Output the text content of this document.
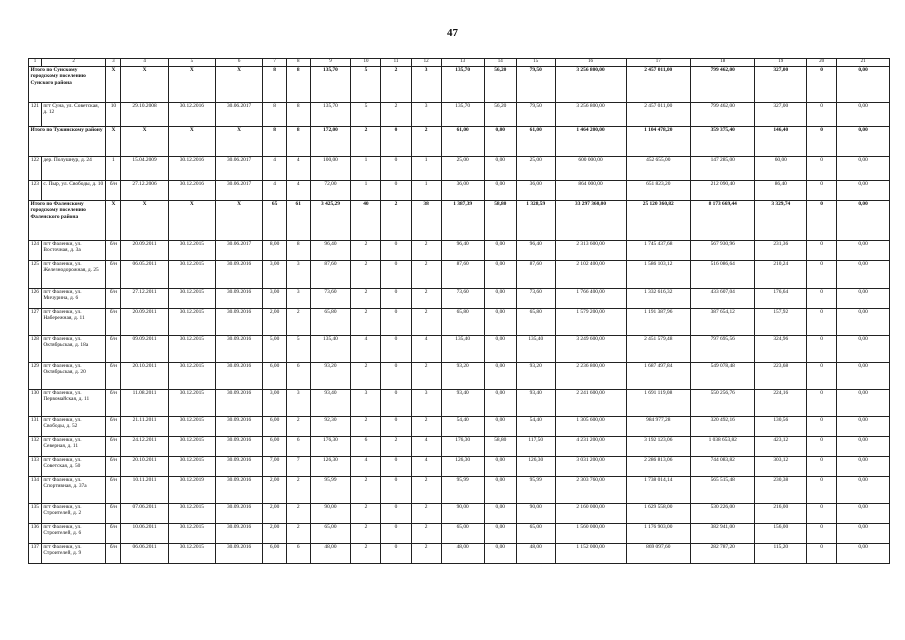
47
1	2	3	4	5	6	7	8	9	10	11	12	13	14	15	16	17	18	19	20	21
Итого по Сунскому городскому поселению Сунского района		X	X	X	X	8	8	135,70	5	2	3	135,70	56,20	79,50	3 256 800,00	2 457 011,00	799 462,00	327,00	0	0,00
121	пгт Суна, ул. Советская, д. 12	10	29.10.2008	30.12.2016	30.06.2017	8	8	135,70	5	2	3	135,70	56,20	79,50	3 256 800,00	2 457 011,00	799 462,00	327,00	0	0,00
Итого по Тужинскому району		X	X	X	X	8	8	172,00	2	0	2	61,00	0,00	61,00	1 464 200,00	1 104 478,20	359 375,40	146,40	0	0,00
122	дер. Полушнур, д. 24	1	15.04.2009	30.12.2016	30.06.2017	4	4	100,00	1	0	1	25,00	0,00	25,00	600 000,00	452 655,00	147 285,00	60,00	0	0,00
123	с. Пыр, ул. Свободы, д. 10	б/н	27.12.2006	30.12.2016	30.06.2017	4	4	72,00	1	0	1	36,00	0,00	36,00	864 000,00	651 823,20	212 090,40	86,40	0	0,00
Итого по Фаленскому городскому поселению Фаленского района		X	X	X	X	65	61	3 425,29	40	2	38	1 387,39	58,80	1 328,59	33 297 360,00	25 120 360,82	8 173 669,44	3 329,74	0	0,00
124	пгт Фаленки, ул. Восточная, д. 3а	б/н	20.09.2011	30.12.2015	30.06.2017	8,00	8	96,40	2	0	2	96,40	0,00	96,40	2 313 600,00	1 745 437,68	567 930,96	231,36	0	0,00
125	пгт Фаленки, ул. Железнодорожная, д. 25	б/н	06.05.2011	30.12.2015	30.09.2016	3,00	3	87,60	2	0	2	87,60	0,00	87,60	2 102 400,00	1 586 103,12	516 086,64	210,24	0	0,00
126	пгт Фаленки, ул. Мичурина, д. 6	б/н	27.12.2011	30.12.2015	30.09.2016	3,00	3	73,60	2	0	2	73,60	0,00	73,60	1 766 400,00	1 332 616,32	433 607,04	176,64	0	0,00
127	пгт Фаленки, ул. Набережная, д. 11	б/н	20.09.2011	30.12.2015	30.09.2016	2,00	2	65,80	2	0	2	65,80	0,00	65,80	1 579 200,00	1 191 387,96	387 654,12	157,92	0	0,00
128	пгт Фаленки, ул. Октябрьская, д. 18а	б/н	09.09.2011	30.12.2015	30.09.2016	5,00	5	135,40	4	0	4	135,40	0,00	135,40	3 249 600,00	2 451 579,48	797 695,56	324,96	0	0,00
129	пгт Фаленки, ул. Октябрьская, д. 20	б/н	20.10.2011	30.12.2015	30.09.2016	6,00	6	93,20	2	0	2	93,20	0,00	93,20	2 236 800,00	1 687 497,84	549 078,48	223,68	0	0,00
130	пгт Фаленки, ул. Первомайская, д. 11	б/н	11.08.2011	30.12.2015	30.09.2016	3,00	3	93,40	3	0	3	93,40	0,00	93,40	2 241 600,00	1 691 119,08	550 256,76	224,16	0	0,00
131	пгт Фаленки, ул. Свободы, д. 52	б/н	21.11.2011	30.12.2015	30.09.2016	6,00	2	92,30	2	0	2	54,40	0,00	54,40	1 305 600,00	984 977,28	320 492,16	130,56	0	0,00
132	пгт Фаленки, ул. Северная, д. 11	б/н	24.12.2011	30.12.2015	30.09.2016	6,00	6	176,30	6	2	4	176,30	58,80	117,50	4 231 200,00	3 192 123,06	1 038 653,82	423,12	0	0,00
133	пгт Фаленки, ул. Советская, д. 50	б/н	20.10.2011	30.12.2015	30.09.2016	7,00	7	126,30	4	0	4	126,30	0,00	126,30	3 031 200,00	2 286 813,06	744 083,82	303,12	0	0,00
134	пгт Фаленки, ул. Спортивная, д. 37а	б/н	10.11.2011	30.12.2019	30.09.2016	2,00	2	95,99	2	0	2	95,99	0,00	95,99	2 303 760,00	1 738 014,14	565 515,48	230,38	0	0,00
135	пгт Фаленки, ул. Строителей, д. 2	б/н	07.06.2011	30.12.2015	30.09.2016	2,00	2	90,00	2	0	2	90,00	0,00	90,00	2 160 000,00	1 629 558,00	530 226,00	216,00	0	0,00
136	пгт Фаленки, ул. Строителей, д. 6	б/н	10.06.2011	30.12.2015	30.09.2016	2,00	2	65,00	2	0	2	65,00	0,00	65,00	1 560 000,00	1 176 903,00	382 941,00	156,00	0	0,00
137	пгт Фаленки, ул. Строителей, д. 9	б/н	06.06.2011	30.12.2015	30.09.2016	6,00	6	48,00	2	0	2	48,00	0,00	48,00	1 152 000,00	869 097,60	282 787,20	115,20	0	0,00
